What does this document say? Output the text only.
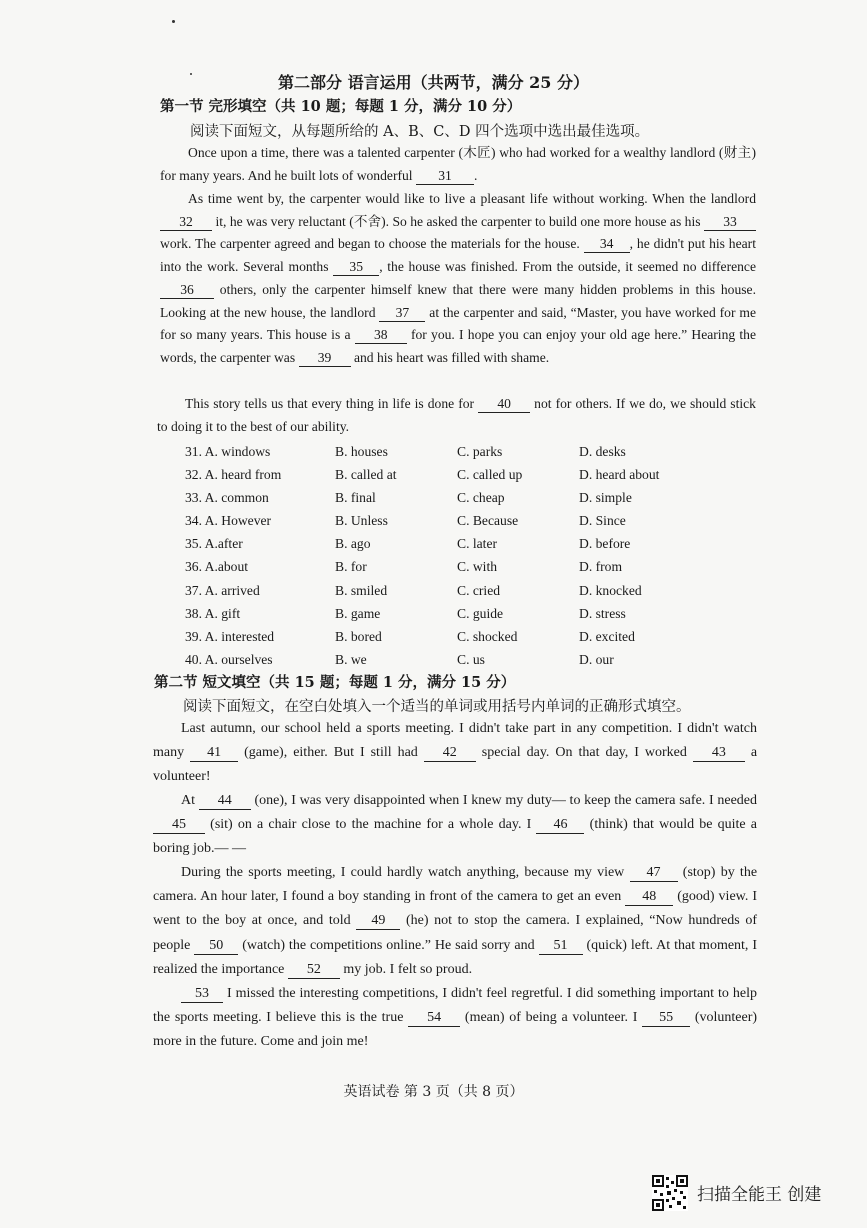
第二部分 语言运用（共两节，满分 25 分）
第一节 完形填空（共 10 题；每题 1 分，满分 10 分）
阅读下面短文，从每题所给的 A、B、C、D 四个选项中选出最佳选项。
Once upon a time, there was a talented carpenter (木匠) who had worked for a wealthy landlord (财主) for many years. And he built lots of wonderful 31 .
As time went by, the carpenter would like to live a pleasant life without working. When the landlord 32 it, he was very reluctant (不舍). So he asked the carpenter to build one more house as his 33 work. The carpenter agreed and began to choose the materials for the house. 34 , he didn't put his heart into the work. Several months 35 , the house was finished. From the outside, it seemed no difference 36 others, only the carpenter himself knew that there were many hidden problems in this house. Looking at the new house, the landlord 37 at the carpenter and said, “Master, you have worked for me for so many years. This house is a 38 for you. I hope you can enjoy your old age here.” Hearing the words, the carpenter was 39 and his heart was filled with shame.
This story tells us that every thing in life is done for 40 not for others. If we do, we should stick to doing it to the best of our ability.
31. A. windows	B. houses	C. parks	D. desks
32. A. heard from	B. called at	C. called up	D. heard about
33. A. common	B. final	C. cheap	D. simple
34. A. However	B. Unless	C. Because	D. Since
35. A.after	B. ago	C. later	D. before
36. A.about	B. for	C. with	D. from
37. A. arrived	B. smiled	C. cried	D. knocked
38. A. gift	B. game	C. guide	D. stress
39. A. interested	B. bored	C. shocked	D. excited
40. A. ourselves	B. we	C. us	D. our
第二节 短文填空（共 15 题；每题 1 分，满分 15 分）
阅读下面短文，在空白处填入一个适当的单词或用括号内单词的正确形式填空。
Last autumn, our school held a sports meeting. I didn't take part in any competition. I didn't watch many 41 (game), either. But I still had 42 special day. On that day, I worked 43 a volunteer!
At 44 (one), I was very disappointed when I knew my duty— to keep the camera safe. I needed 45 (sit) on a chair close to the machine for a whole day. I 46 (think) that would be quite a boring job.— —
During the sports meeting, I could hardly watch anything, because my view 47 (stop) by the camera. An hour later, I found a boy standing in front of the camera to get an even 48 (good) view. I went to the boy at once, and told 49 (he) not to stop the camera. I explained, “Now hundreds of people 50 (watch) the competitions online.” He said sorry and 51 (quick) left. At that moment, I realized the importance 52 my job. I felt so proud.
53 I missed the interesting competitions, I didn't feel regretful. I did something important to help the sports meeting. I believe this is the true 54 (mean) of being a volunteer. I 55 (volunteer) more in the future. Come and join me!
英语试卷 第 3 页（共 8 页）
扫描全能王 创建
